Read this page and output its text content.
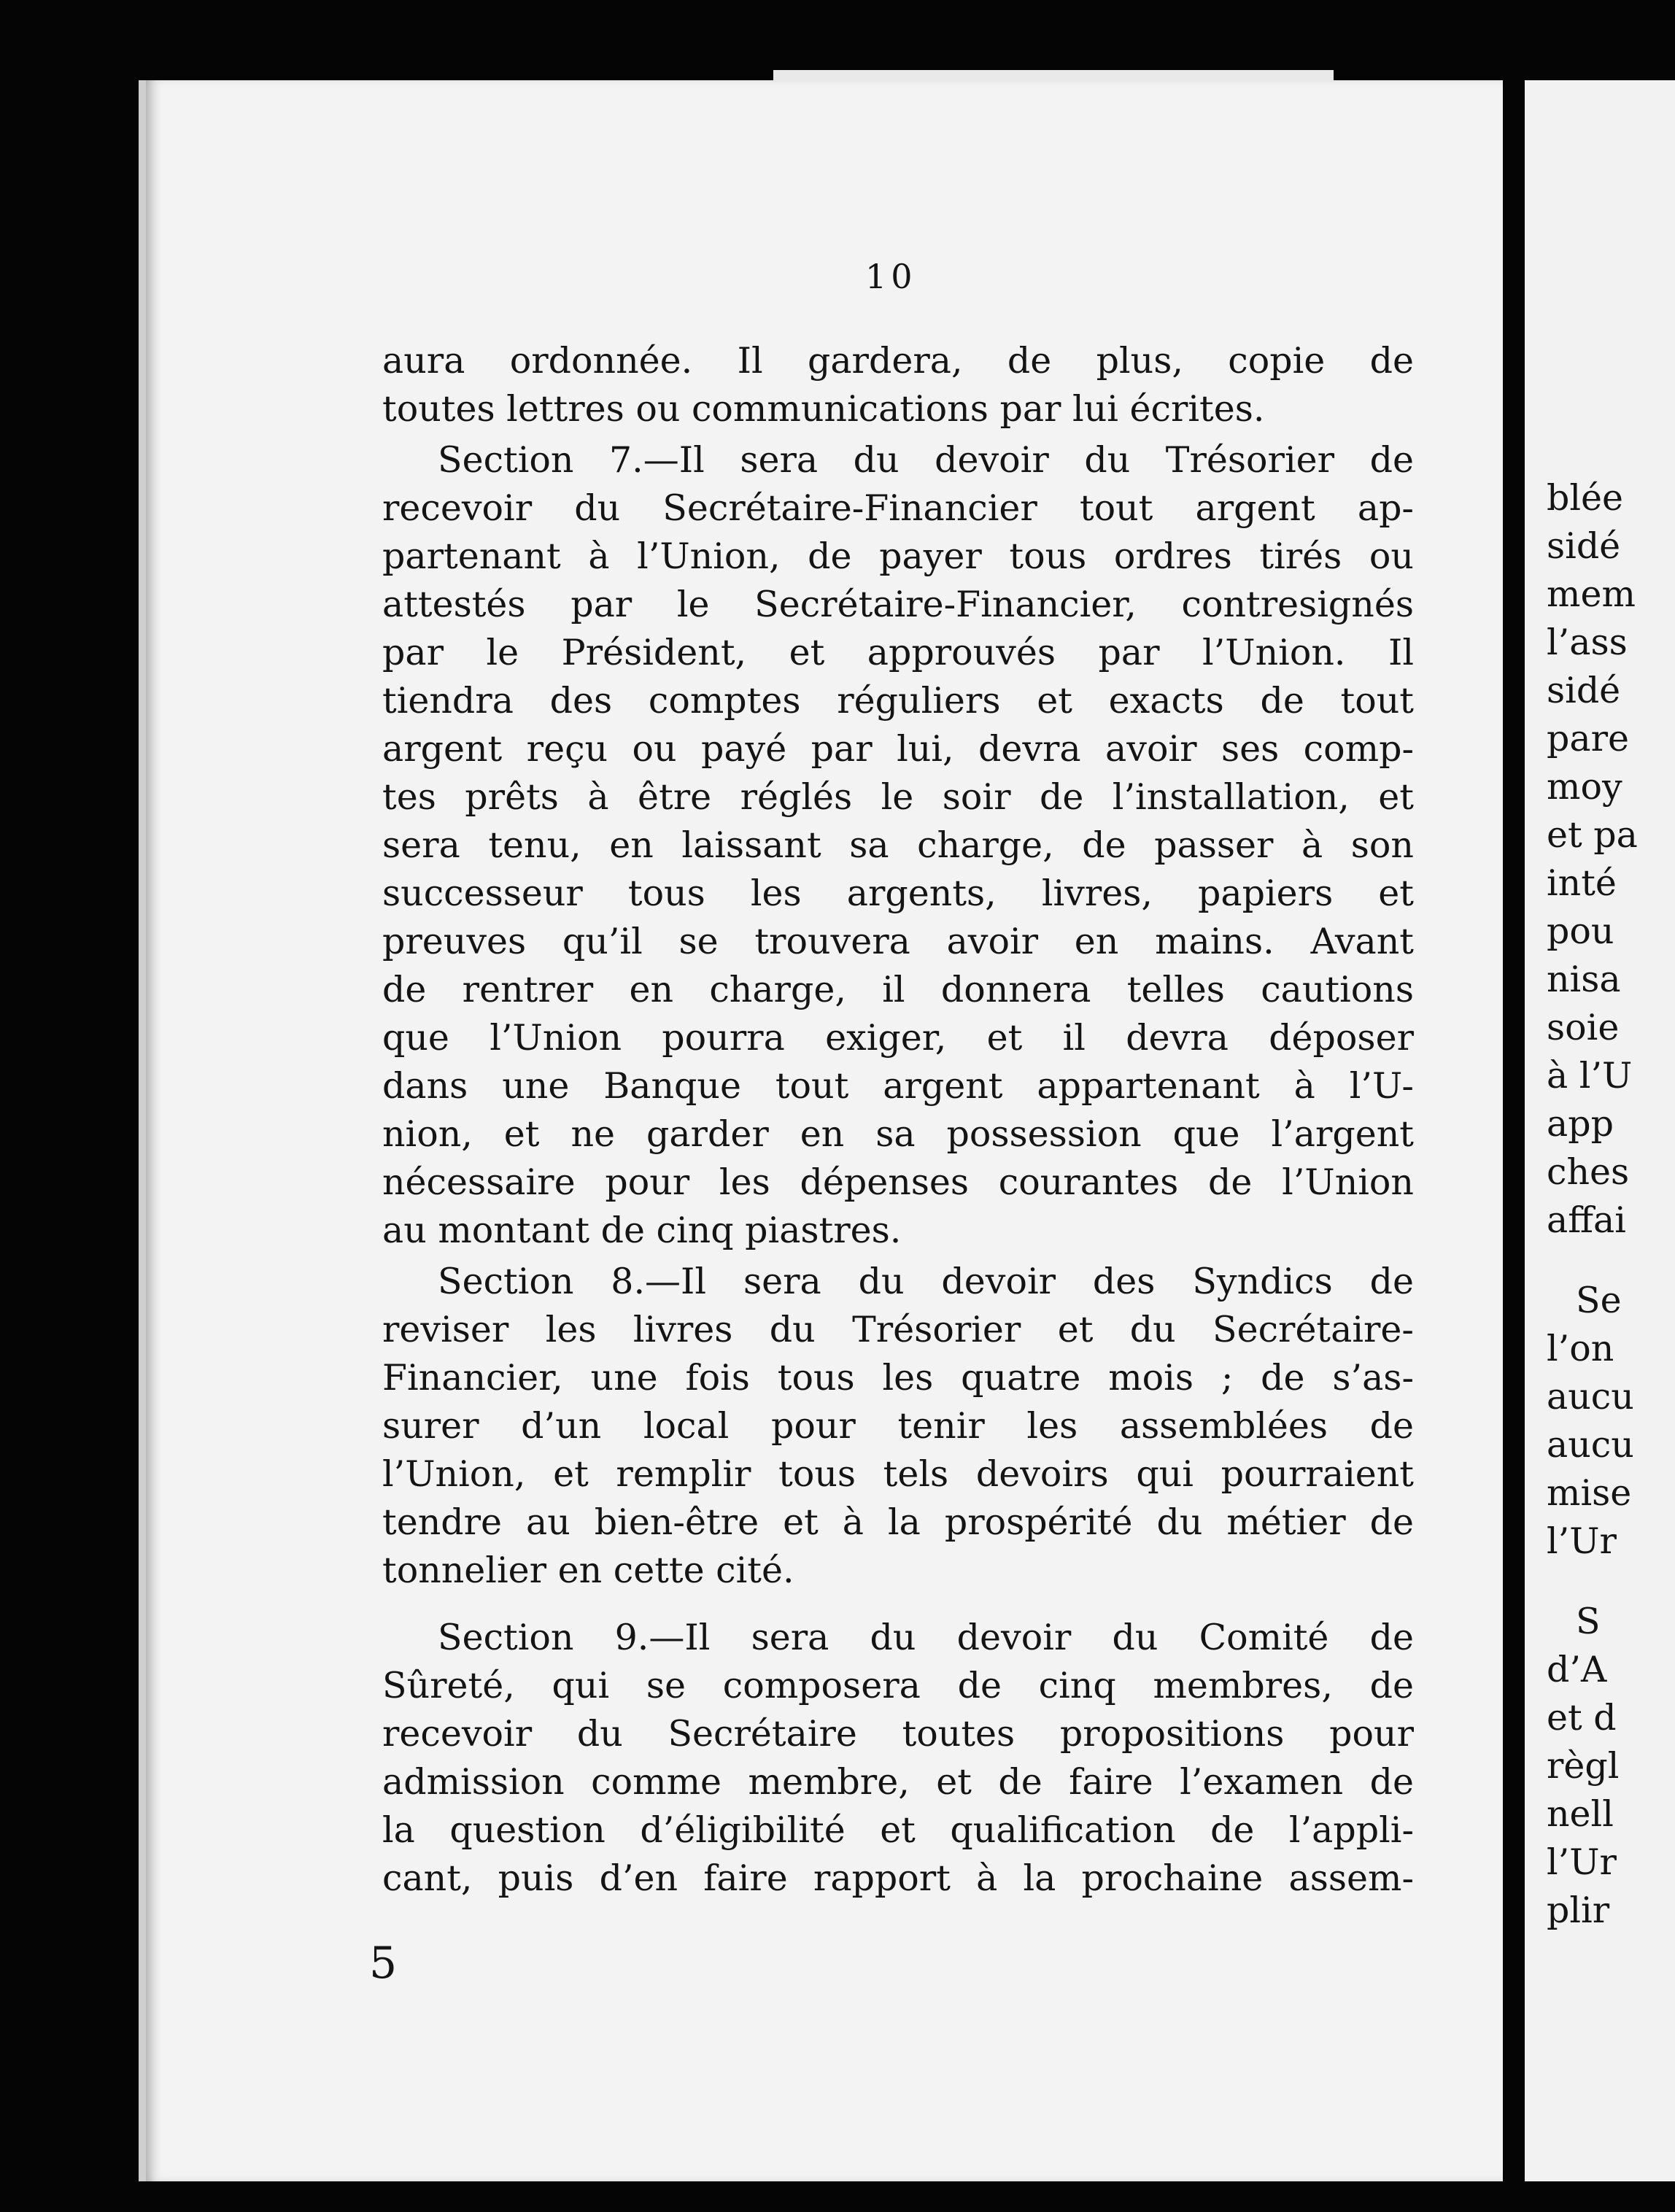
10
aura ordonnée. Il gardera, de plus, copie de
toutes lettres ou communications par lui écrites.
Section 7.—Il sera du devoir du Trésorier de
recevoir du Secrétaire-Financier tout argent ap-
partenant à l’Union, de payer tous ordres tirés ou
attestés par le Secrétaire-Financier, contresignés
par le Président, et approuvés par l’Union. Il
tiendra des comptes réguliers et exacts de tout
argent reçu ou payé par lui, devra avoir ses comp-
tes prêts à être réglés le soir de l’installation, et
sera tenu, en laissant sa charge, de passer à son
successeur tous les argents, livres, papiers et
preuves qu’il se trouvera avoir en mains. Avant
de rentrer en charge, il donnera telles cautions
que l’Union pourra exiger, et il devra déposer
dans une Banque tout argent appartenant à l’U-
nion, et ne garder en sa possession que l’argent
nécessaire pour les dépenses courantes de l’Union
au montant de cinq piastres.
Section 8.—Il sera du devoir des Syndics de
reviser les livres du Trésorier et du Secrétaire-
Financier, une fois tous les quatre mois ; de s’as-
surer d’un local pour tenir les assemblées de
l’Union, et remplir tous tels devoirs qui pourraient
tendre au bien-être et à la prospérité du métier de
tonnelier en cette cité.
Section 9.—Il sera du devoir du Comité de
Sûreté, qui se composera de cinq membres, de
recevoir du Secrétaire toutes propositions pour
admission comme membre, et de faire l’examen de
la question d’éligibilité et qualification de l’appli-
cant, puis d’en faire rapport à la prochaine assem-
5
blée
sidé
mem
l’ass
sidé
pare
moy
et pa
inté
pou
nisa
soie
à l’U
app
ches
affai
Se
l’on
aucu
aucu
mise
l’Ur
S
d’A
et d
règl
nell
l’Ur
plir
